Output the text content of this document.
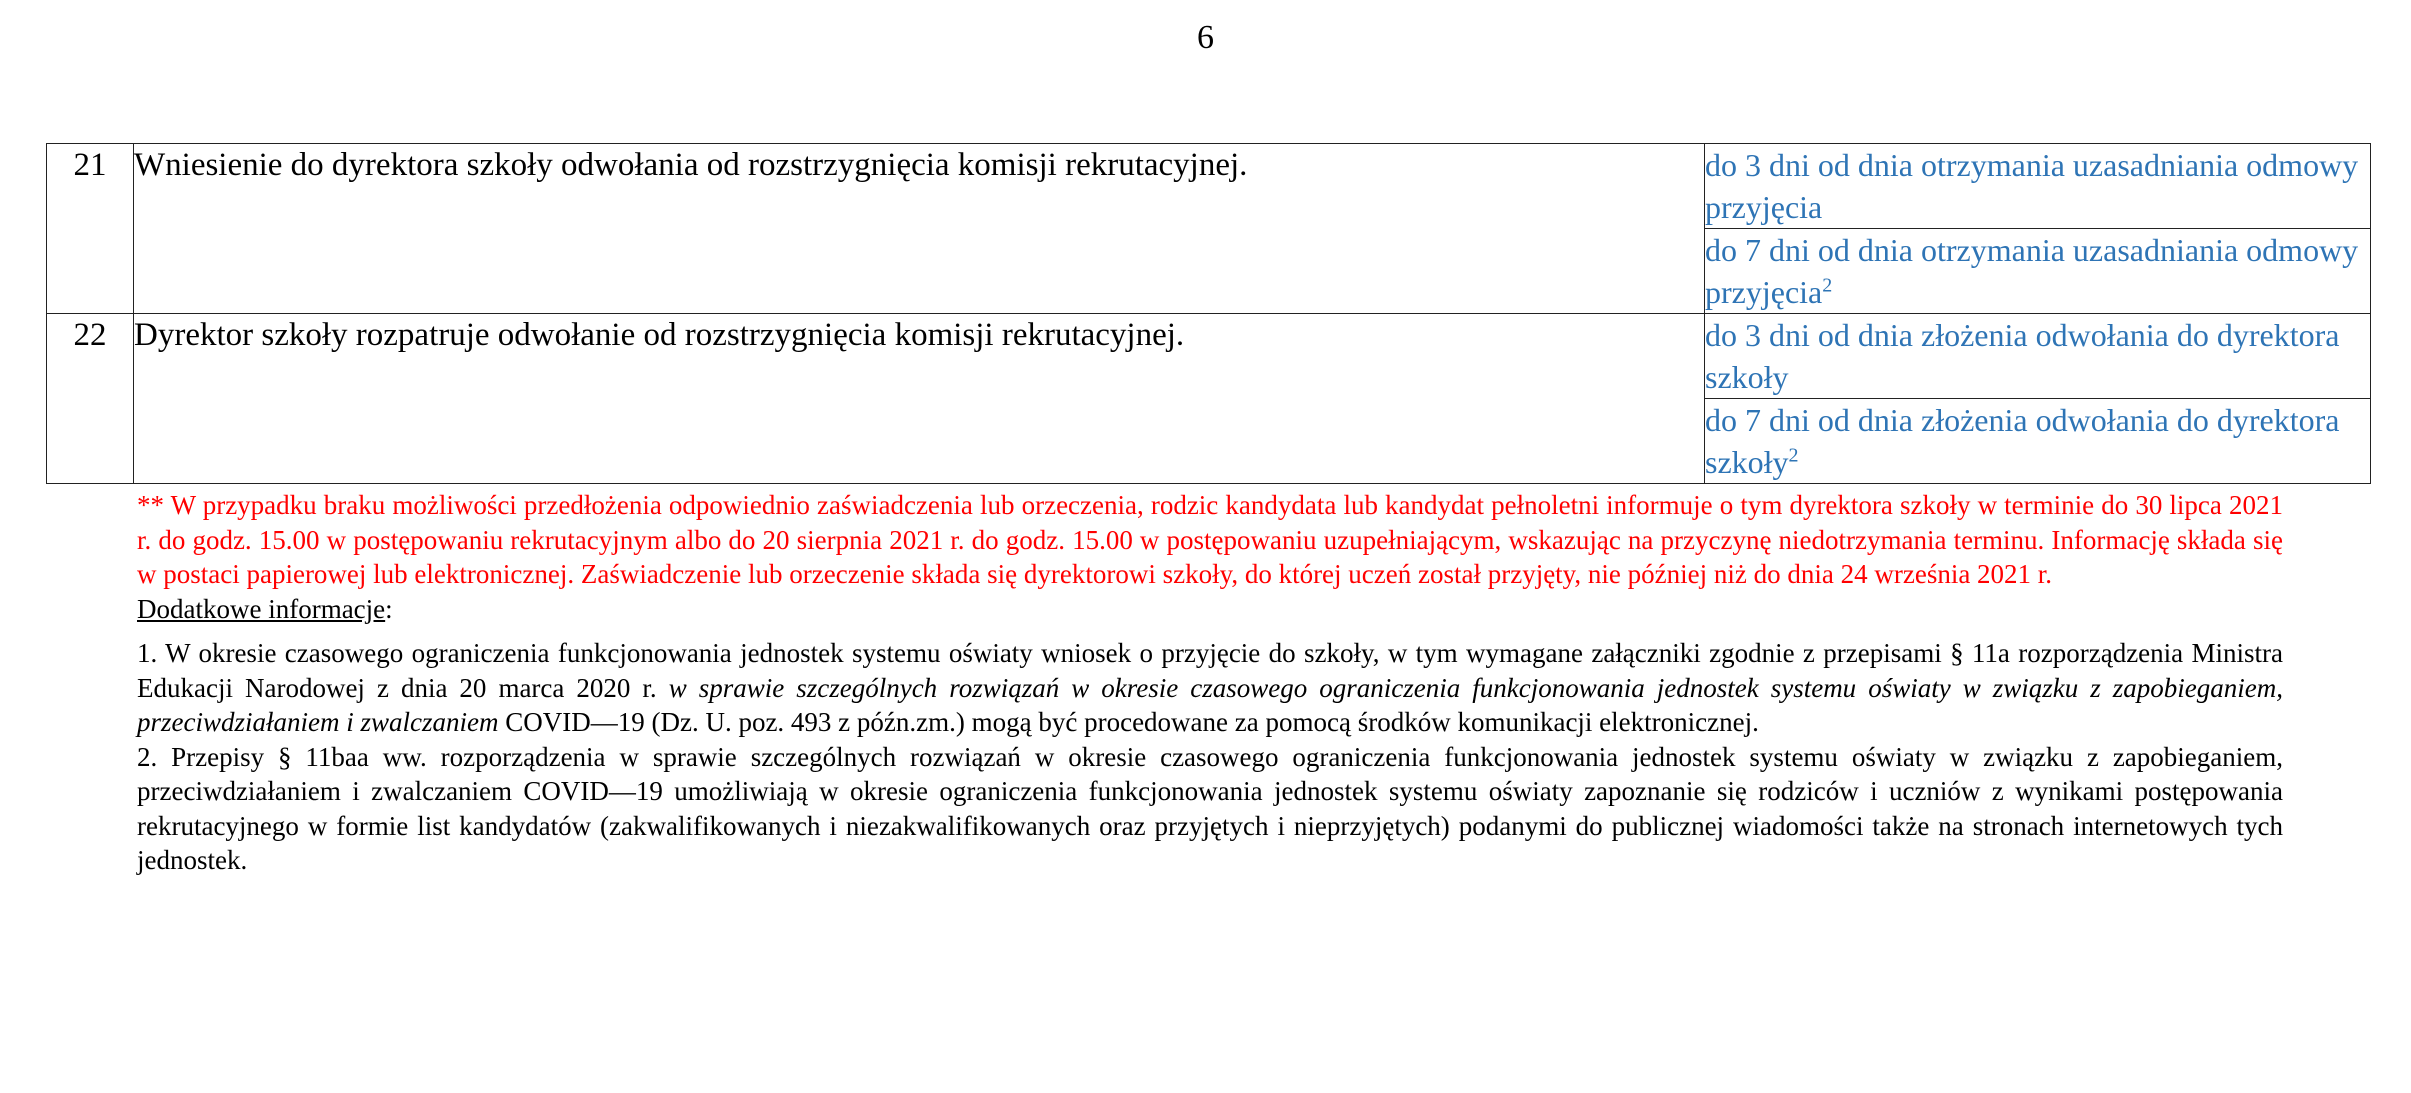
6
21	Wniesienie do dyrektora szkoły odwołania od rozstrzygnięcia komisji rekrutacyjnej.	do 3 dni od dnia otrzymania uzasadniania odmowy przyjęcia
		do 7 dni od dnia otrzymania uzasadniania odmowy przyjęcia$^2$
22	Dyrektor szkoły rozpatruje odwołanie od rozstrzygnięcia komisji rekrutacyjnej.	do 3 dni od dnia złożenia odwołania do dyrektora szkoły
		do 7 dni od dnia złożenia odwołania do dyrektora szkoły$^2$

** W przypadku braku możliwości przedłożenia odpowiednio zaświadczenia lub orzeczenia, rodzic kandydata lub kandydat pełnoletni informuje o tym dyrektora szkoły w terminie do 30 lipca 2021 r. do godz. 15.00 w postępowaniu rekrutacyjnym albo do 20 sierpnia 2021 r. do godz. 15.00 w postępowaniu uzupełniającym, wskazując na przyczynę niedotrzymania terminu. Informację składa się w postaci papierowej lub elektronicznej. Zaświadczenie lub orzeczenie składa się dyrektorowi szkoły, do której uczeń został przyjęty, nie później niż do dnia 24 września 2021 r.

Dodatkowe informacje:

1. W okresie czasowego ograniczenia funkcjonowania jednostek systemu oświaty wniosek o przyjęcie do szkoły, w tym wymagane załączniki zgodnie z przepisami § 11a rozporządzenia Ministra Edukacji Narodowej z dnia 20 marca 2020 r. w sprawie szczególnych rozwiązań w okresie czasowego ograniczenia funkcjonowania jednostek systemu oświaty w związku z zapobieganiem, przeciwdziałaniem i zwalczaniem COVID—19 (Dz. U. poz. 493 z późn.zm.) mogą być procedowane za pomocą środków komunikacji elektronicznej.

2. Przepisy § 11baa ww. rozporządzenia w sprawie szczególnych rozwiązań w okresie czasowego ograniczenia funkcjonowania jednostek systemu oświaty w związku z zapobieganiem, przeciwdziałaniem i zwalczaniem COVID—19 umożliwiają w okresie ograniczenia funkcjonowania jednostek systemu oświaty zapoznanie się rodziców i uczniów z wynikami postępowania rekrutacyjnego w formie list kandydatów (zakwalifikowanych i niezakwalifikowanych oraz przyjętych i nieprzyjętych) podanymi do publicznej wiadomości także na stronach internetowych tych jednostek.
